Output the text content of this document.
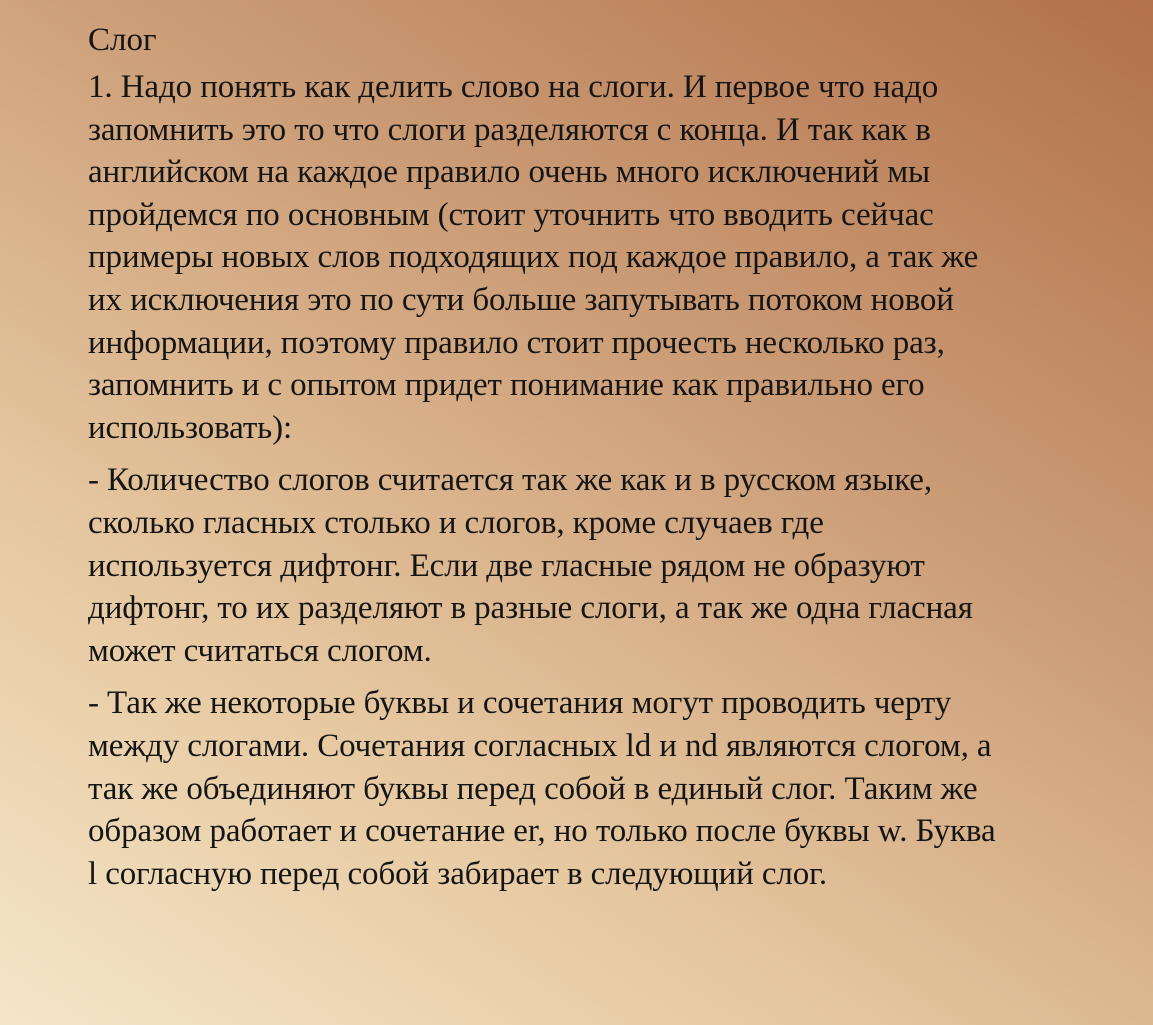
Слог
1. Надо понять как делить слово на слоги. И первое что надо
запомнить это то что слоги разделяются с конца. И так как в
английском на каждое правило очень много исключений мы
пройдемся по основным (стоит уточнить что вводить сейчас
примеры новых слов подходящих под каждое правило, а так же
их исключения это по сути больше запутывать потоком новой
информации, поэтому правило стоит прочесть несколько раз,
запомнить и с опытом придет понимание как правильно его
использовать):
- Количество слогов считается так же как и в русском языке,
сколько гласных столько и слогов, кроме случаев где
используется дифтонг. Если две гласные рядом не образуют
дифтонг, то их разделяют в разные слоги, а так же одна гласная
может считаться слогом.
- Так же некоторые буквы и сочетания могут проводить черту
между слогами. Сочетания согласных ld и nd являются слогом, а
так же объединяют буквы перед собой в единый слог. Таким же
образом работает и сочетание er, но только после буквы w. Буква
l согласную перед собой забирает в следующий слог.
